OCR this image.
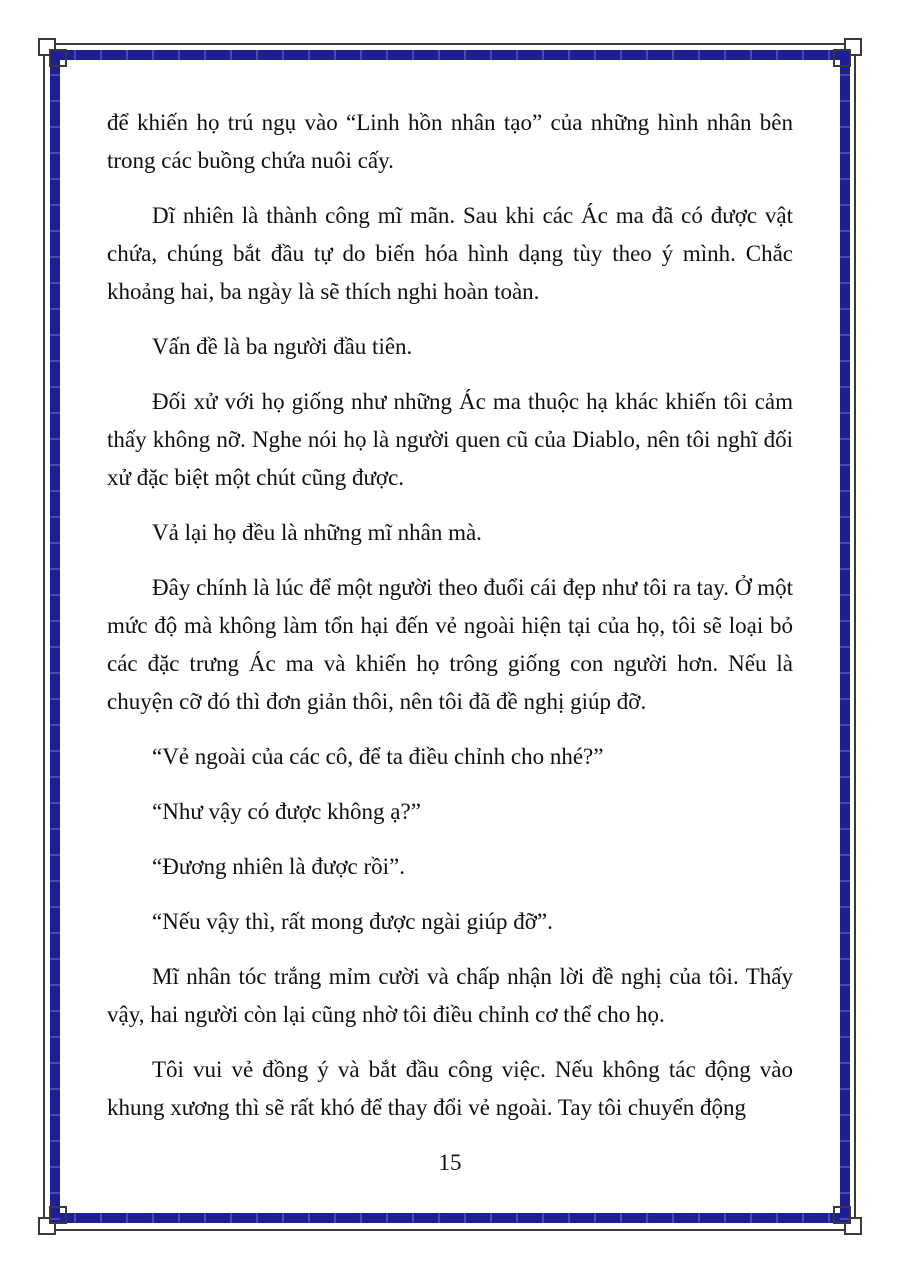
để khiến họ trú ngụ vào “Linh hồn nhân tạo” của những hình nhân bên trong các buồng chứa nuôi cấy.

Dĩ nhiên là thành công mĩ mãn. Sau khi các Ác ma đã có được vật chứa, chúng bắt đầu tự do biến hóa hình dạng tùy theo ý mình. Chắc khoảng hai, ba ngày là sẽ thích nghi hoàn toàn.

Vấn đề là ba người đầu tiên.

Đối xử với họ giống như những Ác ma thuộc hạ khác khiến tôi cảm thấy không nỡ. Nghe nói họ là người quen cũ của Diablo, nên tôi nghĩ đối xử đặc biệt một chút cũng được.

Vả lại họ đều là những mĩ nhân mà.

Đây chính là lúc để một người theo đuổi cái đẹp như tôi ra tay. Ở một mức độ mà không làm tổn hại đến vẻ ngoài hiện tại của họ, tôi sẽ loại bỏ các đặc trưng Ác ma và khiến họ trông giống con người hơn. Nếu là chuyện cỡ đó thì đơn giản thôi, nên tôi đã đề nghị giúp đỡ.

“Vẻ ngoài của các cô, để ta điều chỉnh cho nhé?”

“Như vậy có được không ạ?”

“Đương nhiên là được rồi”.

“Nếu vậy thì, rất mong được ngài giúp đỡ”.

Mĩ nhân tóc trắng mỉm cười và chấp nhận lời đề nghị của tôi. Thấy vậy, hai người còn lại cũng nhờ tôi điều chỉnh cơ thể cho họ.

Tôi vui vẻ đồng ý và bắt đầu công việc. Nếu không tác động vào khung xương thì sẽ rất khó để thay đổi vẻ ngoài. Tay tôi chuyển động

15
